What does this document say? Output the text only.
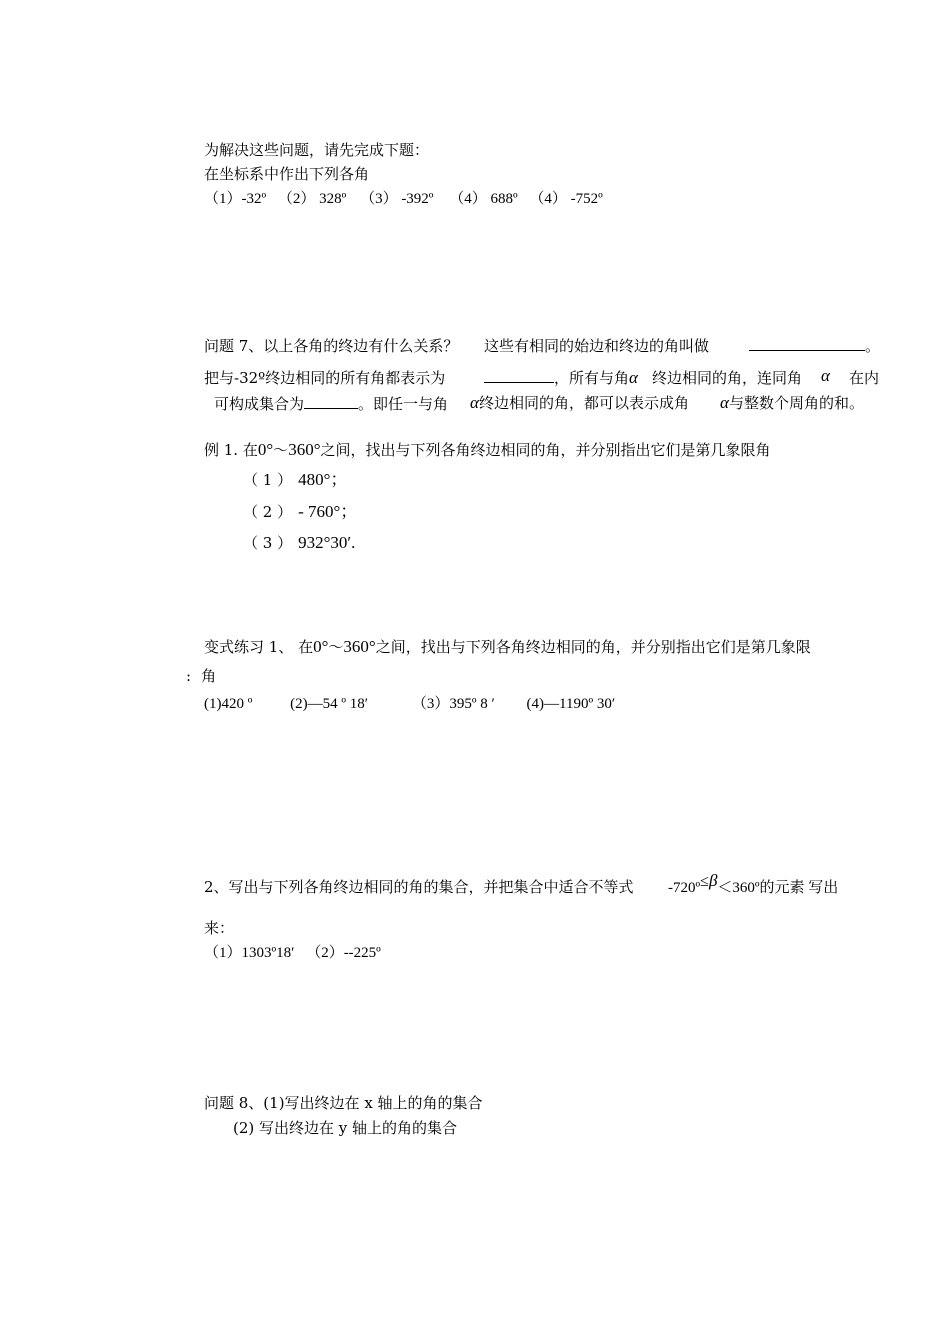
为解决这些问题，请先完成下题：
在坐标系中作出下列各角
（1）-32º （2） 328º （3） -392º （4） 688º （4） -752º
问题 7、以上各角的终边有什么关系？ 这些有相同的始边和终边的角叫做	。
把与-32º终边相同的所有角都表示为	，所有与角α 终边相同的角，连同角 α 在内
可构成集合为	。即任一与角 α终边相同的角，都可以表示成角 α与整数个周角的和。
例 1. 在0°～360°之间，找出与下列各角终边相同的角，并分别指出它们是第几象限角
（ 1 ） 480°；
（ 2 ） - 760°；
（ 3 ） 932°30′.
变式练习 1、 在0°～360°之间，找出与下列各角终边相同的角，并分别指出它们是第几象限
: 角
(1)420 º	(2)—54 º 18′	（3）395º 8 ′ (4)—1190º 30′
2、写出与下列各角终边相同的角的集合，并把集合中适合不等式 -720º≤β＜360º的元素 写出
来：
（1）1303º18′ （2）--225º
问题 8、(1)写出终边在 x 轴上的角的集合
(2) 写出终边在 y 轴上的角的集合
